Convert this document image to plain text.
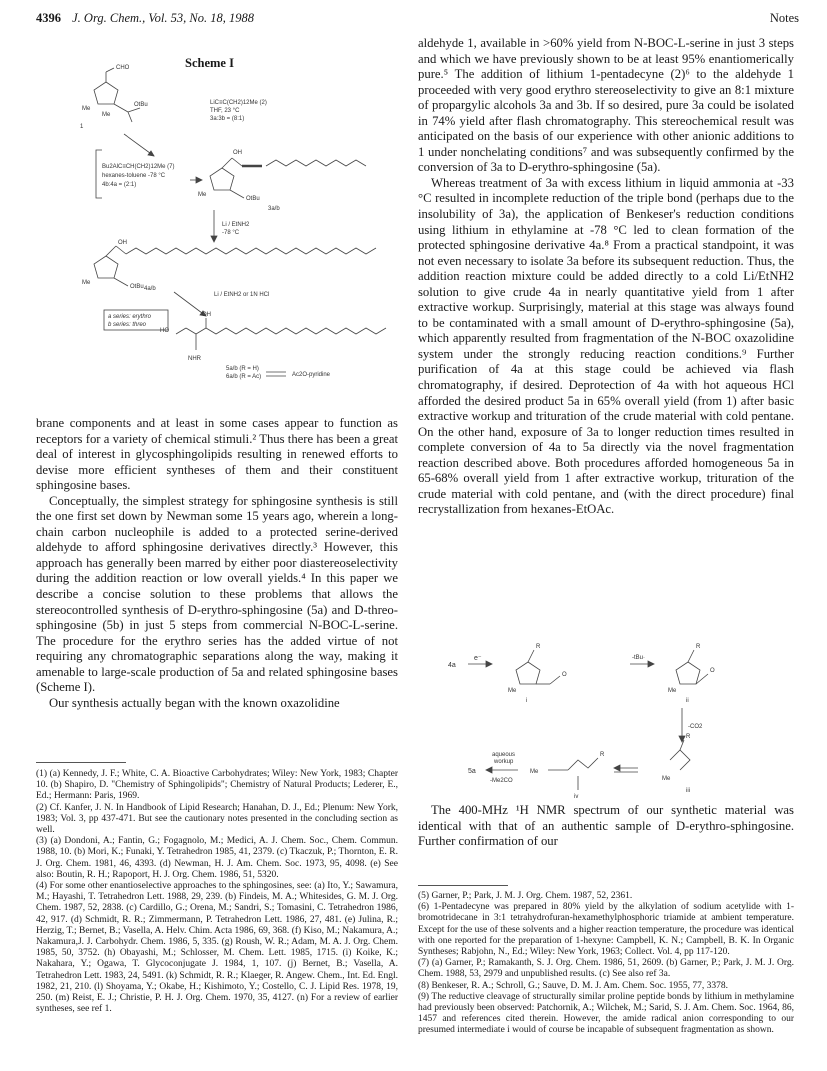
4396 J. Org. Chem., Vol. 53, No. 18, 1988	Notes
Scheme I
CHO
OtBu
Me
Me
1
LiC≡C(CH2)12Me (2)
THF, 23 °C
3a:3b = (8:1)
Bu2AlC≡CH(CH2)12Me (7)
hexanes-toluene -78 °C
4b:4a = (2:1)
OH
OtBu
Me
3a/b
Li / EtNH2
-78 °C
OH
OtBu
Me
4a/b
Li / EtNH2 or 1N HCl
a series: erythro
b series: threo
HO
OH
NHR
5a/b (R = H)
6a/b (R = Ac)	Ac2O-pyridine

brane components and at least in some cases appear to function as receptors for a variety of chemical stimuli.² Thus there has been a great deal of interest in glycosphingolipids resulting in renewed efforts to devise more efficient syntheses of them and their constituent sphingosine bases.

Conceptually, the simplest strategy for sphingosine synthesis is still the one first set down by Newman some 15 years ago, wherein a long-chain carbon nucleophile is added to a protected serine-derived aldehyde to afford sphingosine derivatives directly.³ However, this approach has generally been marred by either poor diastereoselectivity during the addition reaction or low overall yields.⁴ In this paper we describe a concise solution to these problems that allows the stereocontrolled synthesis of D-erythro-sphingosine (5a) and D-threo-sphingosine (5b) in just 5 steps from commercial N-BOC-L-serine. The procedure for the erythro series has the added virtue of not requiring any chromatographic separations along the way, making it amenable to large-scale production of 5a and related sphingosine bases (Scheme I).

Our synthesis actually began with the known oxazolidine

(1) (a) Kennedy, J. F.; White, C. A. Bioactive Carbohydrates; Wiley: New York, 1983; Chapter 10. (b) Shapiro, D. "Chemistry of Sphingolipids"; Chemistry of Natural Products; Lederer, E., Ed.; Hermann: Paris, 1969.

(2) Cf. Kanfer, J. N. In Handbook of Lipid Research; Hanahan, D. J., Ed.; Plenum: New York, 1983; Vol. 3, pp 437-471. But see the cautionary notes presented in the concluding section as well.

(3) (a) Dondoni, A.; Fantin, G.; Fogagnolo, M.; Medici, A. J. Chem. Soc., Chem. Commun. 1988, 10. (b) Mori, K.; Funaki, Y. Tetrahedron 1985, 41, 2379. (c) Tkaczuk, P.; Thornton, E. R. J. Org. Chem. 1981, 46, 4393. (d) Newman, H. J. Am. Chem. Soc. 1973, 95, 4098. (e) See also: Boutin, R. H.; Rapoport, H. J. Org. Chem. 1986, 51, 5320.

(4) For some other enantioselective approaches to the sphingosines, see: (a) Ito, Y.; Sawamura, M.; Hayashi, T. Tetrahedron Lett. 1988, 29, 239. (b) Findeis, M. A.; Whitesides, G. M. J. Org. Chem. 1987, 52, 2838. (c) Cardillo, G.; Orena, M.; Sandri, S.; Tomasini, C. Tetrahedron 1986, 42, 917. (d) Schmidt, R. R.; Zimmermann, P. Tetrahedron Lett. 1986, 27, 481. (e) Julina, R.; Herzig, T.; Bernet, B.; Vasella, A. Helv. Chim. Acta 1986, 69, 368. (f) Kiso, M.; Nakamura, A.; Nakamura,J. J. Carbohydr. Chem. 1986, 5, 335. (g) Roush, W. R.; Adam, M. A. J. Org. Chem. 1985, 50, 3752. (h) Obayashi, M.; Schlosser, M. Chem. Lett. 1985, 1715. (i) Koike, K.; Nakahara, Y.; Ogawa, T. Glycoconjugate J. 1984, 1, 107. (j) Bernet, B.; Vasella, A. Tetrahedron Lett. 1983, 24, 5491. (k) Schmidt, R. R.; Klaeger, R. Angew. Chem., Int. Ed. Engl. 1982, 21, 210. (l) Shoyama, Y.; Okabe, H.; Kishimoto, Y.; Costello, C. J. Lipid Res. 1978, 19, 250. (m) Reist, E. J.; Christie, P. H. J. Org. Chem. 1970, 35, 4127. (n) For a review of earlier syntheses, see ref 1.

aldehyde 1, available in >60% yield from N-BOC-L-serine in just 3 steps and which we have previously shown to be at least 95% enantiomerically pure.⁵ The addition of lithium 1-pentadecyne (2)⁶ to the aldehyde 1 proceeded with very good erythro stereoselectivity to give an 8:1 mixture of propargylic alcohols 3a and 3b. If so desired, pure 3a could be isolated in 74% yield after flash chromatography. This stereochemical result was anticipated on the basis of our experience with other anionic additions to 1 under nonchelating conditions⁷ and was subsequently confirmed by the conversion of 3a to D-erythro-sphingosine (5a).

Whereas treatment of 3a with excess lithium in liquid ammonia at -33 °C resulted in incomplete reduction of the triple bond (perhaps due to the insolubility of 3a), the application of Benkeser's reduction conditions using lithium in ethylamine at -78 °C led to clean formation of the protected sphingosine derivative 4a.⁸ From a practical standpoint, it was not even necessary to isolate 3a before its subsequent reduction. Thus, the addition reaction mixture could be added directly to a cold Li/EtNH2 solution to give crude 4a in nearly quantitative yield from 1 after extractive workup. Surprisingly, material at this stage was always found to be contaminated with a small amount of D-erythro-sphingosine (5a), which apparently resulted from fragmentation of the N-BOC oxazolidine system under the strongly reducing reaction conditions.⁹ Further purification of 4a at this stage could be achieved via flash chromatography, if desired. Deprotection of 4a with hot aqueous HCl afforded the desired product 5a in 65% overall yield (from 1) after basic extractive workup and trituration of the crude material with cold pentane. On the other hand, exposure of 3a to longer reduction times resulted in complete conversion of 4a to 5a directly via the novel fragmentation reaction described above. Both procedures afforded homogeneous 5a in 65-68% overall yield from 1 after extractive workup, trituration of the crude material with cold pentane, and (with the direct procedure) final recrystallization from hexanes-EtOAc.

4a
e⁻
R
O
Me
i
-tBu·
R
O
Me
ii
-CO2
R
Me
iii
R
Me
iv
aqueous
workup
-Me2CO
5a

The 400-MHz ¹H NMR spectrum of our synthetic material was identical with that of an authentic sample of D-erythro-sphingosine. Further confirmation of our

(5) Garner, P.; Park, J. M. J. Org. Chem. 1987, 52, 2361.

(6) 1-Pentadecyne was prepared in 80% yield by the alkylation of sodium acetylide with 1-bromotridecane in 3:1 tetrahydrofuran-hexamethylphosphoric triamide at ambient temperature. Except for the use of these solvents and a higher reaction temperature, the procedure was identical with one reported for the preparation of 1-hexyne: Campbell, K. N.; Campbell, B. K. In Organic Syntheses; Rabjohn, N., Ed.; Wiley: New York, 1963; Collect. Vol. 4, pp 117-120.

(7) (a) Garner, P.; Ramakanth, S. J. Org. Chem. 1986, 51, 2609. (b) Garner, P.; Park, J. M. J. Org. Chem. 1988, 53, 2979 and unpublished results. (c) See also ref 3a.

(8) Benkeser, R. A.; Schroll, G.; Sauve, D. M. J. Am. Chem. Soc. 1955, 77, 3378.

(9) The reductive cleavage of structurally similar proline peptide bonds by lithium in methylamine had previously been observed: Patchornik, A.; Wilchek, M.; Sarid, S. J. Am. Chem. Soc. 1964, 86, 1457 and references cited therein. However, the amide radical anion corresponding to our presumed intermediate i would of course be incapable of subsequent fragmentation as shown.
